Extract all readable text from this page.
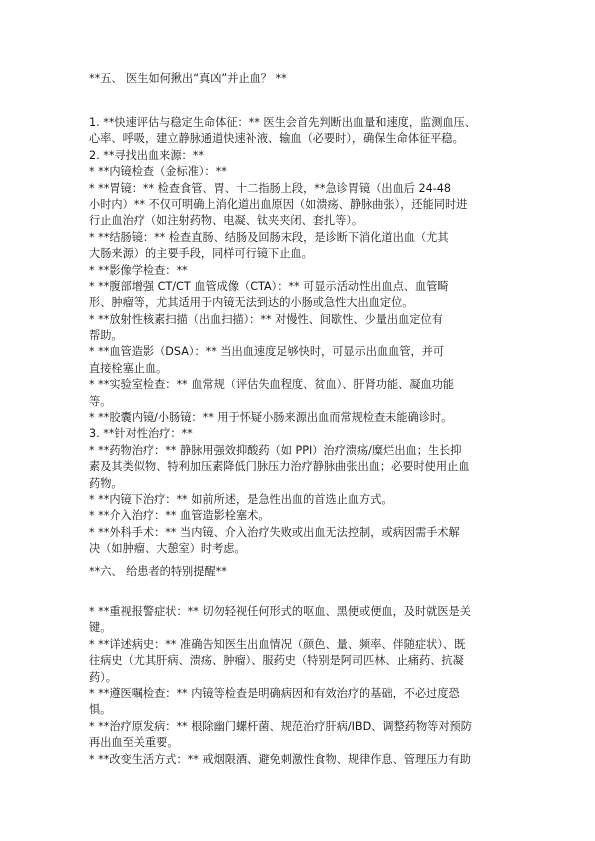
**五、 医生如何揪出“真凶”并止血？ **
1. **快速评估与稳定生命体征：** 医生会首先判断出血量和速度，监测血压、
心率、呼吸，建立静脉通道快速补液、输血（必要时），确保生命体征平稳。
2. **寻找出血来源：**
* **内镜检查（金标准）：**
* **胃镜：** 检查食管、胃、十二指肠上段，**急诊胃镜（出血后 24-48
小时内）** 不仅可明确上消化道出血原因（如溃疡、静脉曲张），还能同时进
行止血治疗（如注射药物、电凝、钛夹夹闭、套扎等）。
* **结肠镜：** 检查直肠、结肠及回肠末段，是诊断下消化道出血（尤其
大肠来源）的主要手段，同样可行镜下止血。
* **影像学检查：**
* **腹部增强 CT/CT 血管成像（CTA）：** 可显示活动性出血点、血管畸
形、肿瘤等，尤其适用于内镜无法到达的小肠或急性大出血定位。
* **放射性核素扫描（出血扫描）：** 对慢性、间歇性、少量出血定位有
帮助。
* **血管造影（DSA）：** 当出血速度足够快时，可显示出血血管，并可
直接栓塞止血。
* **实验室检查：** 血常规（评估失血程度、贫血）、肝肾功能、凝血功能
等。
* **胶囊内镜/小肠镜：** 用于怀疑小肠来源出血而常规检查未能确诊时。
3. **针对性治疗：**
* **药物治疗：** 静脉用强效抑酸药（如 PPI）治疗溃疡/糜烂出血；生长抑
素及其类似物、特利加压素降低门脉压力治疗静脉曲张出血；必要时使用止血
药物。
* **内镜下治疗：** 如前所述，是急性出血的首选止血方式。
* **介入治疗：** 血管造影栓塞术。
* **外科手术：** 当内镜、介入治疗失败或出血无法控制，或病因需手术解
决（如肿瘤、大憩室）时考虑。
**六、 给患者的特别提醒**
* **重视报警症状：** 切勿轻视任何形式的呕血、黑便或便血，及时就医是关
键。
* **详述病史：** 准确告知医生出血情况（颜色、量、频率、伴随症状）、既
往病史（尤其肝病、溃疡、肿瘤）、服药史（特别是阿司匹林、止痛药、抗凝
药）。
* **遵医嘱检查：** 内镜等检查是明确病因和有效治疗的基础，不必过度恐
惧。
* **治疗原发病：** 根除幽门螺杆菌、规范治疗肝病/IBD、调整药物等对预防
再出血至关重要。
* **改变生活方式：** 戒烟限酒、避免刺激性食物、规律作息、管理压力有助
